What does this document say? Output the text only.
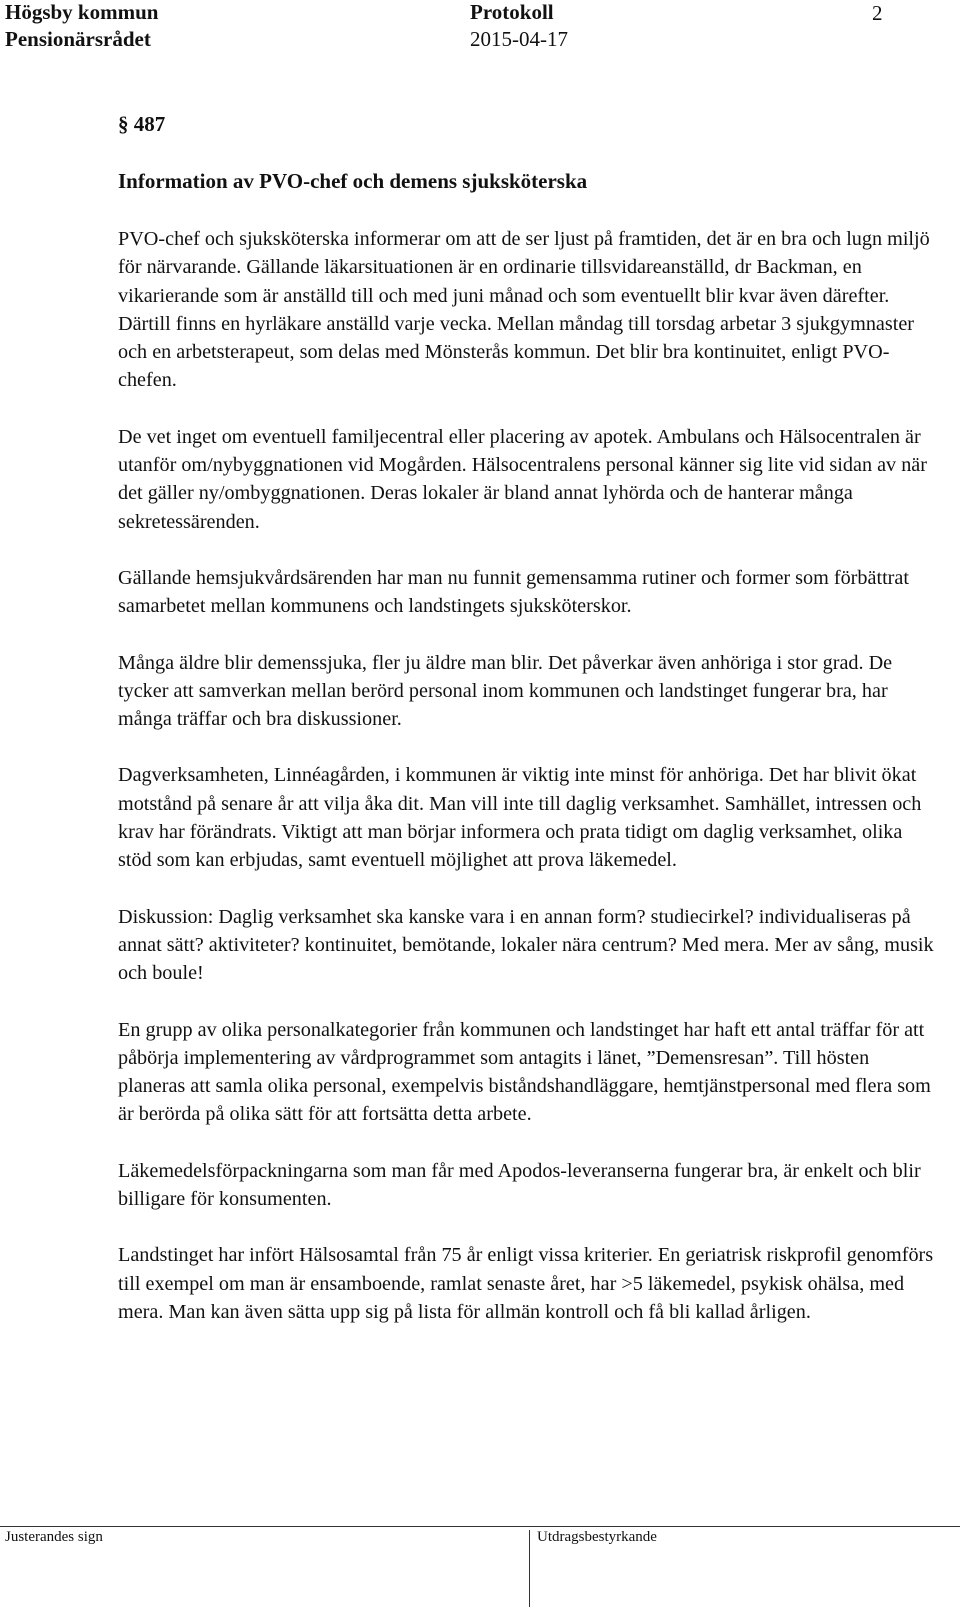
Högsby kommun	Protokoll	2
Pensionärsrådet	2015-04-17
§ 487
Information av PVO-chef och demens sjuksköterska

PVO-chef och sjuksköterska informerar om att de ser ljust på framtiden, det är en bra och lugn miljö för närvarande. Gällande läkarsituationen är en ordinarie tillsvidareanställd, dr Backman, en vikarierande som är anställd till och med juni månad och som eventuellt blir kvar även därefter. Därtill finns en hyrläkare anställd varje vecka. Mellan måndag till torsdag arbetar 3 sjukgymnaster och en arbetsterapeut, som delas med Mönsterås kommun. Det blir bra kontinuitet, enligt PVO-chefen.

De vet inget om eventuell familjecentral eller placering av apotek. Ambulans och Hälsocentralen är utanför om/nybyggnationen vid Mogården. Hälsocentralens personal känner sig lite vid sidan av när det gäller ny/ombyggnationen. Deras lokaler är bland annat lyhörda och de hanterar många sekretessärenden.

Gällande hemsjukvårdsärenden har man nu funnit gemensamma rutiner och former som förbättrat samarbetet mellan kommunens och landstingets sjuksköterskor.

Många äldre blir demenssjuka, fler ju äldre man blir. Det påverkar även anhöriga i stor grad. De tycker att samverkan mellan berörd personal inom kommunen och landstinget fungerar bra, har många träffar och bra diskussioner.

Dagverksamheten, Linnéagården, i kommunen är viktig inte minst för anhöriga. Det har blivit ökat motstånd på senare år att vilja åka dit. Man vill inte till daglig verksamhet. Samhället, intressen och krav har förändrats. Viktigt att man börjar informera och prata tidigt om daglig verksamhet, olika stöd som kan erbjudas, samt eventuell möjlighet att prova läkemedel.

Diskussion: Daglig verksamhet ska kanske vara i en annan form? studiecirkel? individualiseras på annat sätt? aktiviteter? kontinuitet, bemötande, lokaler nära centrum? Med mera. Mer av sång, musik och boule!

En grupp av olika personalkategorier från kommunen och landstinget har haft ett antal träffar för att påbörja implementering av vårdprogrammet som antagits i länet, ”Demensresan”. Till hösten planeras att samla olika personal, exempelvis biståndshandläggare, hemtjänstpersonal med flera som är berörda på olika sätt för att fortsätta detta arbete.

Läkemedelsförpackningarna som man får med Apodos-leveranserna fungerar bra, är enkelt och blir billigare för konsumenten.

Landstinget har infört Hälsosamtal från 75 år enligt vissa kriterier. En geriatrisk riskprofil genomförs till exempel om man är ensamboende, ramlat senaste året, har >5 läkemedel, psykisk ohälsa, med mera. Man kan även sätta upp sig på lista för allmän kontroll och få bli kallad årligen.

Justerandes sign	Utdragsbestyrkande
